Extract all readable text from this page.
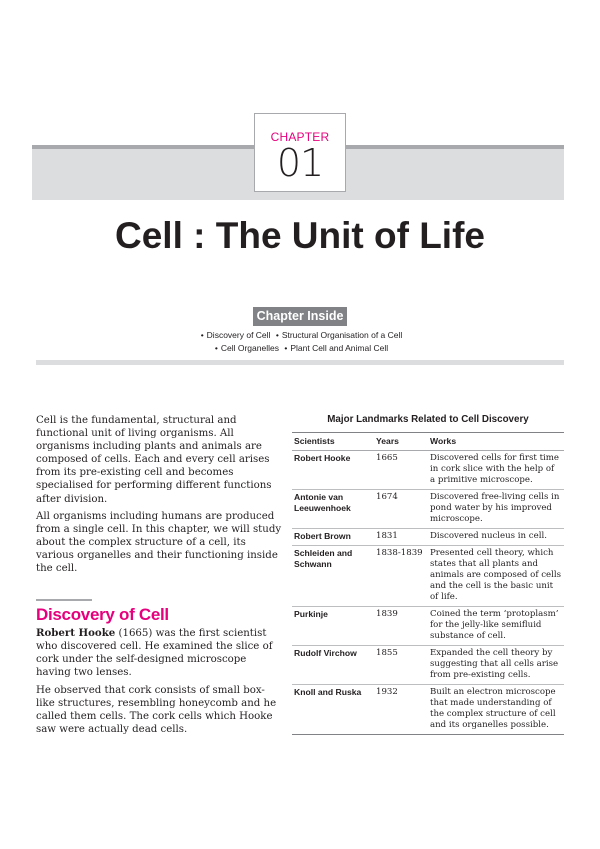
CHAPTER
01
Cell : The Unit of Life
Chapter Inside
• Discovery of Cell • Structural Organisation of a Cell
• Cell Organelles • Plant Cell and Animal Cell

Cell is the fundamental, structural and functional unit of living organisms. All organisms including plants and animals are composed of cells. Each and every cell arises from its pre-existing cell and becomes specialised for performing different functions after division.

All organisms including humans are produced from a single cell. In this chapter, we will study about the complex structure of a cell, its various organelles and their functioning inside the cell.

Discovery of Cell

Robert Hooke (1665) was the first scientist who discovered cell. He examined the slice of cork under the self-designed microscope having two lenses.

He observed that cork consists of small box-like structures, resembling honeycomb and he called them cells. The cork cells which Hooke saw were actually dead cells.

Major Landmarks Related to Cell Discovery
Scientists	Years	Works
Robert Hooke	1665	Discovered cells for first time in cork slice with the help of a primitive microscope.
Antonie van Leeuwenhoek	1674	Discovered free-living cells in pond water by his improved microscope.
Robert Brown	1831	Discovered nucleus in cell.
Schleiden and Schwann	1838-1839	Presented cell theory, which states that all plants and animals are composed of cells and the cell is the basic unit of life.
Purkinje	1839	Coined the term ‘protoplasm’ for the jelly-like semifluid substance of cell.
Rudolf Virchow	1855	Expanded the cell theory by suggesting that all cells arise from pre-existing cells.
Knoll and Ruska	1932	Built an electron microscope that made understanding of the complex structure of cell and its organelles possible.
